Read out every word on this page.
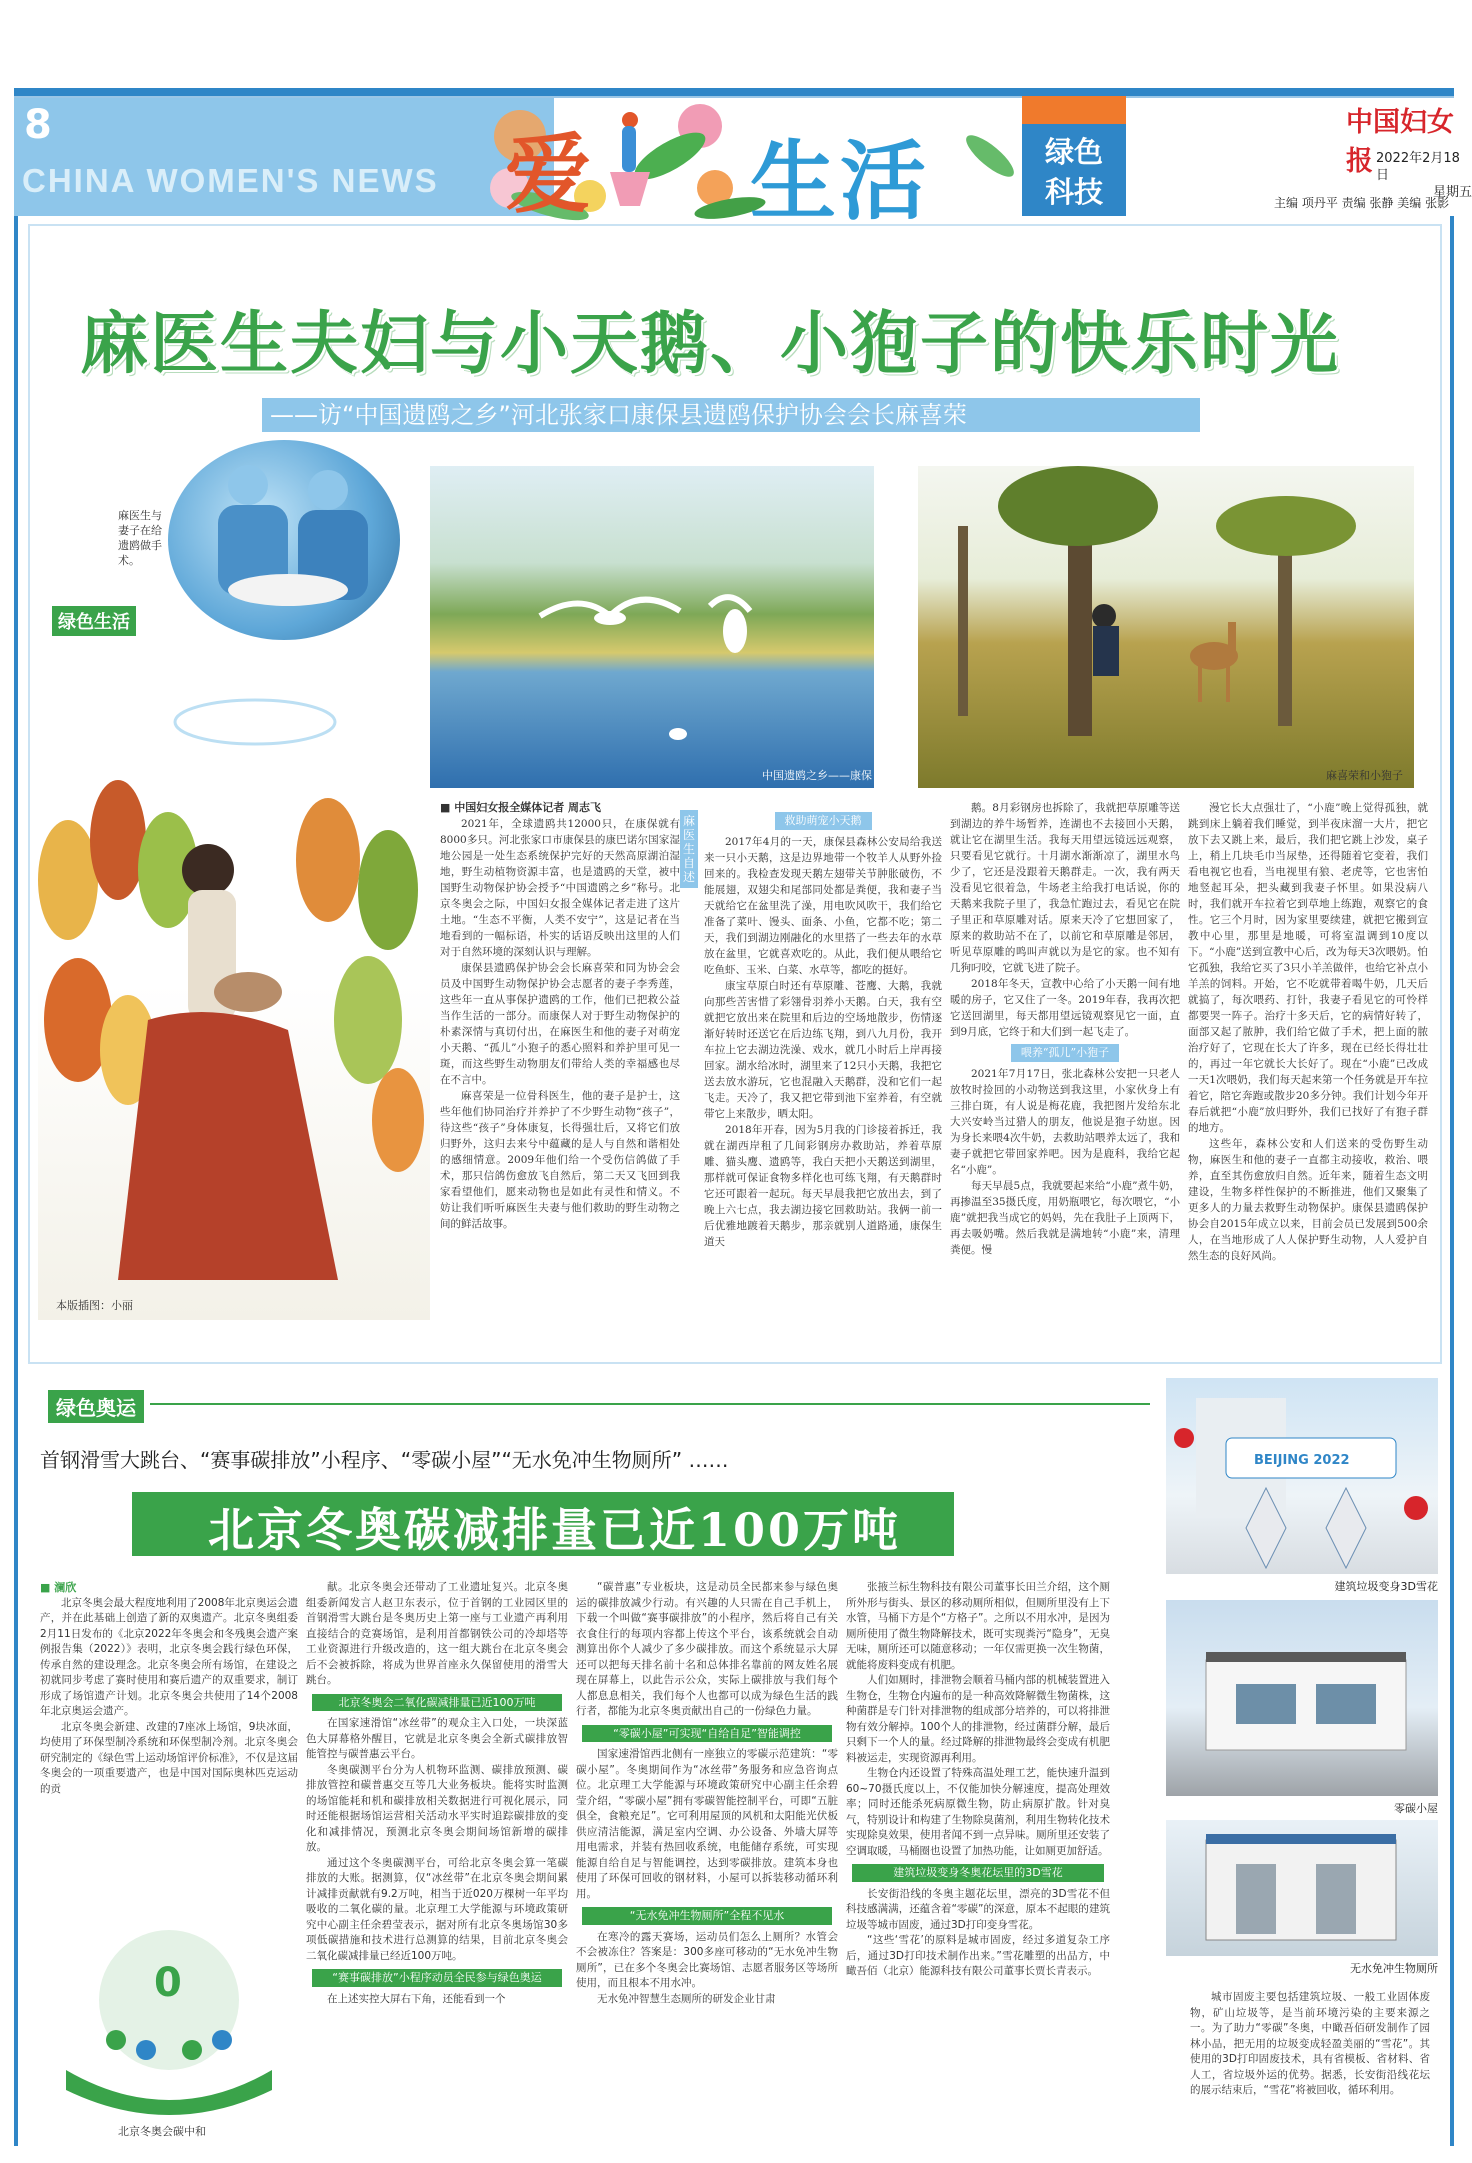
8
CHINA WOMEN'S NEWS 爱 生活	绿色
科技
中国妇女报 2022年2月18日
星期五
主编 项丹平 责编 张静 美编 张影
麻医生夫妇与小天鹅、小狍子的快乐时光
——访“中国遗鸥之乡”河北张家口康保县遗鸥保护协会会长麻喜荣
麻医生与妻子在给遗鸥做手术。
绿色生活
本版插图：小丽
中国遗鸥之乡——康保	麻喜荣和小狍子
■ 中国妇女报全媒体记者 周志飞

2021年，全球遗鸥共12000只，在康保就有8000多只。河北张家口市康保县的康巴诺尔国家湿地公园是一处生态系统保护完好的天然高原湖泊湿地，野生动植物资源丰富，也是遗鸥的天堂，被中国野生动物保护协会授予“中国遗鸥之乡”称号。北京冬奥会之际，中国妇女报全媒体记者走进了这片土地。“生态不平衡，人类不安宁”，这是记者在当地看到的一幅标语，朴实的话语反映出这里的人们对于自然环境的深刻认识与理解。

康保县遗鸥保护协会会长麻喜荣和同为协会会员及中国野生动物保护协会志愿者的妻子李秀莲，这些年一直从事保护遗鸥的工作，他们已把救公益当作生活的一部分。而康保人对于野生动物保护的朴素深情与真切付出，在麻医生和他的妻子对萌宠小天鹅、“孤儿”小狍子的悉心照料和养护里可见一斑，而这些野生动物朋友们带给人类的幸福感也尽在不言中。

麻喜荣是一位骨科医生，他的妻子是护士，这些年他们协同治疗并养护了不少野生动物“孩子”，待这些“孩子”身体康复，长得强壮后，又将它们放归野外，这归去来兮中蕴藏的是人与自然和谐相处的感细情意。2009年他们给一个受伤信鸽做了手术，那只信鸽伤愈放飞自然后，第二天又飞回到我家看望他们，愿来动物也是如此有灵性和情义。不妨让我们听听麻医生夫妻与他们救助的野生动物之间的鲜活故事。

麻医生自述
救助萌宠小天鹅

2017年4月的一天，康保县森林公安局给我送来一只小天鹅，这是边界地带一个牧羊人从野外捡回来的。我检查发现天鹅左翅带关节肿胀破伤，不能展翅，双翅尖和尾部同处都是粪便，我和妻子当天就给它在盆里洗了澡，用电吹风吹干，我们给它准备了菜叶、馒头、面条、小鱼，它都不吃；第二天，我们到湖边刚融化的水里搭了一些去年的水草放在盆里，它就喜欢吃的。从此，我们便从喂给它吃鱼虾、玉米、白菜、水草等，都吃的挺好。

康宝草原白时还有草原雕、苍鹰、大鹅，我就向那些苦害惜了彩翎骨羽养小天鹅。白天，我有空就把它放出来在院里和后边的空场地散步，伤情逐渐好转时还送它在后边练飞翔，到八九月份，我开车拉上它去湖边洗澡、戏水，就几小时后上岸再接回家。湖水给冰时，湖里来了12只小天鹅，我把它送去放水游玩，它也混融入天鹅群，没和它们一起飞走。天冷了，我又把它带到池下室养着，有空就带它上来散步，晒太阳。

2018年开春，因为5月我的门诊接着拆迁，我就在湖西岸租了几间彩钢房办救助站，养着草原雕、猫头鹰、遗鸥等，我白天把小天鹅送到湖里，那样就可保证食物多样化也可练飞翔，有天鹅群时它还可跟着一起玩。每天早晨我把它放出去，到了晚上六七点，我去湖边接它回救助站。我俩一前一后优雅地踱着天鹅步，那亲就别人道路通，康保生道天

鹅。8月彩钢房也拆除了，我就把草原雕等送到湖边的养牛场暂养，连湖也不去接回小天鹅，就让它在湖里生活。我每天用望远镜远远观察，只要看见它就行。十月湖水渐渐凉了，湖里水鸟少了，它还是没跟着天鹅群走。一次，我有两天没看见它很着急，牛场老主给我打电话说，你的天鹅来我院子里了，我急忙跑过去，看见它在院子里正和草原雕对话。原来天冷了它想回家了，原来的救助站不在了，以前它和草原雕是邻居，听见草原雕的鸣叫声就以为是它的家。也不知有几狗叼咬，它就飞进了院子。

2018年冬天，宣教中心给了小天鹅一间有地暖的房子，它又住了一冬。2019年春，我再次把它送回湖里，每天都用望远镜观察见它一面，直到9月底，它终于和大们到一起飞走了。

喂养“孤儿”小狍子

2021年7月17日，张北森林公安把一只老人放牧时捡回的小动物送到我这里，小家伙身上有三排白斑，有人说是梅花鹿，我把图片发给东北大兴安岭当过猎人的朋友，他说是狍子幼崽。因为身长来喂4次牛奶，去救助站喂养太远了，我和妻子就把它带回家养吧。因为是鹿科，我给它起名“小鹿”。

每天早晨5点，我就要起来给“小鹿”煮牛奶，再掺温至35摄氏度，用奶瓶喂它，每次喂它，“小鹿”就把我当成它的妈妈，先在我肚子上顶两下，再去吸奶嘴。然后我就是满地转“小鹿”来，清理粪便。慢

漫它长大点强壮了，“小鹿”晚上觉得孤独，就跳到床上躺着我们睡觉，到半夜床溜一大片，把它放下去又跳上来，最后，我们把它跳上沙发，桌子上，稍上几块毛巾当尿垫，还得随着它变着，我们看电视它也看，当电视里有狼、老虎等，它也害怕地竖起耳朵，把头藏到我妻子怀里。如果没病八时，我们就开车拉着它到草地上练跑，观察它的食性。它三个月时，因为家里要续建，就把它搬到宣教中心里，那里是地暖，可将室温调到10度以下。“小鹿”送到宣教中心后，改为每天3次喂奶。怕它孤独，我给它买了3只小羊羔做伴，也给它补点小羊羔的饲料。开始，它不吃就带着喝牛奶，几天后就搞了，每次喂药、打针，我妻子看见它的可怜样都要哭一阵子。治疗十多天后，它的病情好转了，面部又起了脓肿，我们给它做了手术，把上面的脓治疗好了，它现在长大了许多，现在已经长得壮壮的，再过一年它就长大长好了。现在“小鹿”已改成一天1次喂奶，我们每天起来第一个任务就是开车拉着它，陪它奔跑或散步20多分钟。我们计划今年开春后就把“小鹿”放归野外，我们已找好了有狍子群的地方。

这些年，森林公安和人们送来的受伤野生动物，麻医生和他的妻子一直都主动接收，救治、喂养，直至其伤愈放归自然。近年来，随着生态文明建设，生物多样性保护的不断推进，他们又聚集了更多人的力量去救野生动物保护。康保县遗鸥保护协会自2015年成立以来，目前会员已发展到500余人，在当地形成了人人保护野生动物，人人爱护自然生态的良好风尚。

绿色奥运
首钢滑雪大跳台、“赛事碳排放”小程序、“零碳小屋”“无水免冲生物厕所” ……
北京冬奥碳减排量已近100万吨
■ 澜欣

北京冬奥会最大程度地利用了2008年北京奥运会遗产，并在此基础上创造了新的双奥遗产。北京冬奥组委2月11日发布的《北京2022年冬奥会和冬残奥会遗产案例报告集（2022）》表明，北京冬奥会践行绿色环保，传承自然的建设理念。北京冬奥会所有场馆，在建设之初就同步考虑了赛时使用和赛后遗产的双重要求，制订形成了场馆遗产计划。北京冬奥会共使用了14个2008年北京奥运会遗产。

北京冬奥会新建、改建的7座冰上场馆，9块冰面，均使用了环保型制冷系统和环保型制冷剂。北京冬奥会研究制定的《绿色雪上运动场馆评价标准》，不仅是这届冬奥会的一项重要遗产，也是中国对国际奥林匹克运动的贡

0
北京冬奥会碳中和

献。北京冬奥会还带动了工业遗址复兴。北京冬奥组委新闻发言人赵卫东表示，位于首钢的工业园区里的首钢滑雪大跳台是冬奥历史上第一座与工业遗产再利用直接结合的竞赛场馆，是利用首都钢铁公司的冷却塔等工业资源进行升级改造的，这一组大跳台在北京冬奥会后不会被拆除，将成为世界首座永久保留使用的滑雪大跳台。

北京冬奥会二氧化碳减排量已近100万吨

在国家速滑馆“冰丝带”的观众主入口处，一块深蓝色大屏幕格外醒目，它就是北京冬奥会全新式碳排放智能管控与碳普惠云平台。

冬奥碳测平台分为人机物环监测、碳排放预测、碳排放管控和碳普惠交互等几大业务板块。能将实时监测的场馆能耗和机和碳排放相关数据进行可视化展示，同时还能根据场馆运营相关活动水平实时追踪碳排放的变化和减排情况，预测北京冬奥会期间场馆新增的碳排放。

通过这个冬奥碳测平台，可给北京冬奥会算一笔碳排放的大账。据测算，仅“冰丝带”在北京冬奥会期间累计减排贡献就有9.2万吨，相当于近020万棵树一年平均吸收的二氧化碳的量。北京理工大学能源与环境政策研究中心副主任余碧莹表示，据对所有北京冬奥场馆30多项低碳措施和技术进行总测算的结果，目前北京冬奥会二氧化碳减排量已经近100万吨。

“赛事碳排放”小程序动员全民参与绿色奥运

在上述实控大屏右下角，还能看到一个

“碳普惠”专业板块，这是动员全民都来参与绿色奥运的碳排放减少行动。有兴趣的人只需在自己手机上，下载一个叫做“赛事碳排放”的小程序，然后将自己有关衣食住行的每项内容都上传这个平台，该系统就会自动测算出你个人减少了多少碳排放。而这个系统显示大屏还可以把每天排名前十名和总体排名靠前的网友姓名展现在屏幕上，以此告示公众，实际上碳排放与我们每个人都息息相关，我们每个人也都可以成为绿色生活的践行者，都能为北京冬奥贡献出自己的一份绿色力量。

“零碳小屋”可实现“自给自足”智能调控

国家速滑馆西北侧有一座独立的零碳示范建筑：“零碳小屋”。冬奥期间作为“冰丝带”务服务和应急咨询点位。北京理工大学能源与环境政策研究中心副主任余碧莹介绍，“零碳小屋”拥有零碳智能控制平台，可即“五脏俱全，食粮充足”。它可利用屋顶的风机和太阳能光伏板供应清洁能源，满足室内空调、办公设备、外墙大屏等用电需求，并装有热回收系统，电能储存系统，可实现能源自给自足与智能调控，达到零碳排放。建筑本身也使用了环保可回收的钢材料，小屋可以拆装移动循环利用。

“无水免冲生物厕所”全程不见水

在寒冷的露天赛场，运动员们怎么上厕所？水管会不会被冻住？答案是：300多座可移动的“无水免冲生物厕所”，已在多个冬奥会比赛场馆、志愿者服务区等场所使用，而且根本不用水冲。

无水免冲智慧生态厕所的研发企业甘肃

张掖兰标生物科技有限公司董事长田兰介绍，这个厕所外形与街头、景区的移动厕所相似，但厕所里没有上下水管，马桶下方是个“方格子”。之所以不用水冲，是因为厕所使用了微生物降解技术，既可实现粪污“隐身”，无臭无味，厕所还可以随意移动；一年仅需更换一次生物菌，就能将废料变成有机肥。

人们如厕时，排泄物会顺着马桶内部的机械装置进入生物仓，生物仓内遍布的是一种高效降解微生物菌株，这种菌群是专门针对排泄物的组成部分培养的，可以将排泄物有效分解掉。100个人的排泄物，经过菌群分解，最后只剩下一个人的量。经过降解的排泄物最终会变成有机肥料被运走，实现资源再利用。

生物仓内还设置了特殊高温处理工艺，能快速升温到60~70摄氏度以上，不仅能加快分解速度，提高处理效率；同时还能杀死病原微生物，防止病原扩散。针对臭气，特别设计和构建了生物除臭菌剂，利用生物转化技术实现除臭效果，使用者闻不到一点异味。厕所里还安装了空调取暖，马桶圈也设置了加热功能，让如厕更加舒适。

建筑垃圾变身冬奥花坛里的3D雪花

长安街沿线的冬奥主题花坛里，漂亮的3D雪花不但科技感满满，还蕴含着“零碳”的深意，原本不起眼的建筑垃圾等城市固废，通过3D打印变身雪花。

“这些‘雪花’的原料是城市固废，经过多道复杂工序后，通过3D打印技术制作出来。”雪花雕塑的出品方，中瞰吾佰（北京）能源科技有限公司董事长贾长青表示。

城市固废主要包括建筑垃圾、一般工业固体废物，矿山垃圾等，是当前环境污染的主要来源之一。为了助力“零碳”冬奥，中瞰吾佰研发制作了园林小品，把无用的垃圾变成轻盈美丽的“雪花”。其使用的3D打印固废技术，具有省模板、省材料、省人工，省垃圾外运的优势。据悉，长安街沿线花坛的展示结束后，“雪花”将被回收，循环利用。

BEIJING 2022
建筑垃圾变身3D雪花
零碳小屋
无水免冲生物厕所
